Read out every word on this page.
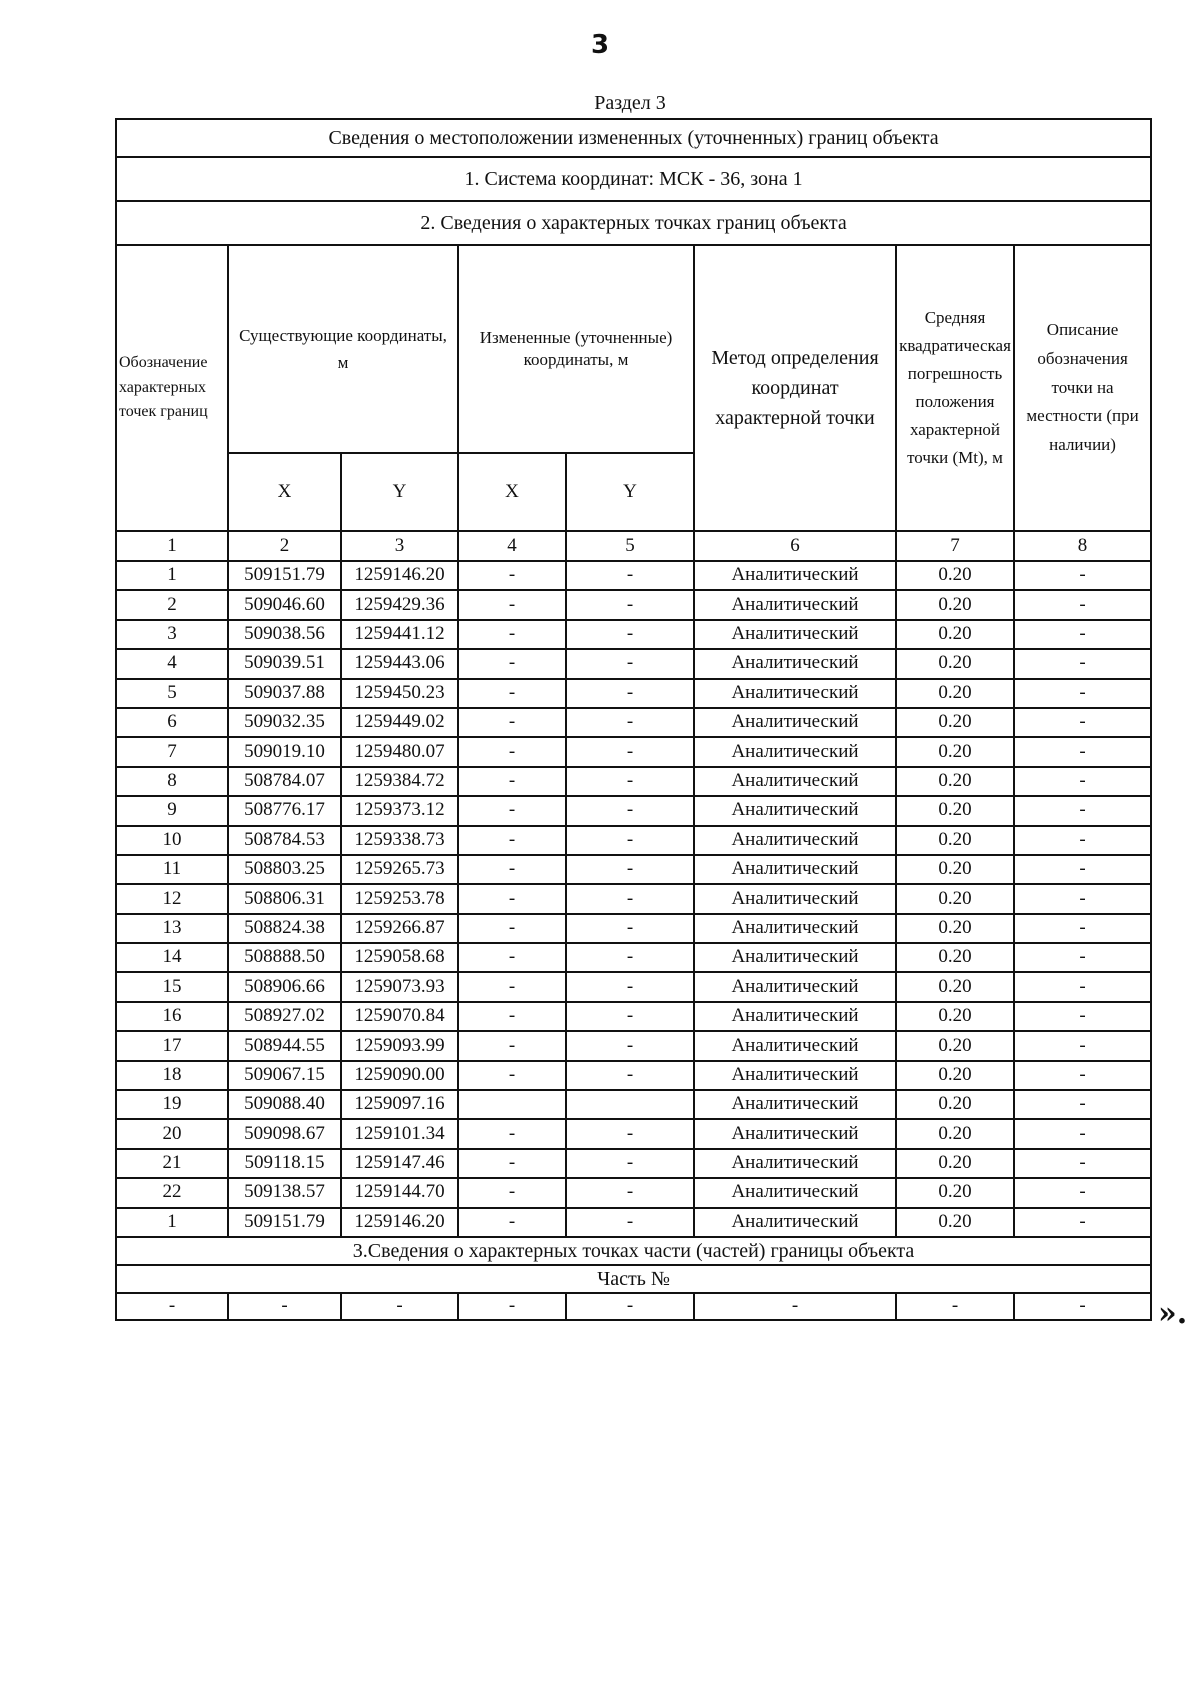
3
Раздел 3
Сведения о местоположении измененных (уточненных) границ объекта							
1. Система координат: МСК - 36, зона 1							
2. Сведения о характерных точках границ объекта							
Обозначение характерных точек границ	Существующие координаты, м		Измененные (уточненные) координаты, м		Метод определения координат характерной точки	Средняя квадратическая погрешность положения характерной точки (Mt), м	Описание обозначения точки на местности (при наличии)
	X	Y	X	Y			
1	2	3	4	5	6	7	8
1	509151.79	1259146.20	-	-	Аналитический	0.20	-
2	509046.60	1259429.36	-	-	Аналитический	0.20	-
3	509038.56	1259441.12	-	-	Аналитический	0.20	-
4	509039.51	1259443.06	-	-	Аналитический	0.20	-
5	509037.88	1259450.23	-	-	Аналитический	0.20	-
6	509032.35	1259449.02	-	-	Аналитический	0.20	-
7	509019.10	1259480.07	-	-	Аналитический	0.20	-
8	508784.07	1259384.72	-	-	Аналитический	0.20	-
9	508776.17	1259373.12	-	-	Аналитический	0.20	-
10	508784.53	1259338.73	-	-	Аналитический	0.20	-
11	508803.25	1259265.73	-	-	Аналитический	0.20	-
12	508806.31	1259253.78	-	-	Аналитический	0.20	-
13	508824.38	1259266.87	-	-	Аналитический	0.20	-
14	508888.50	1259058.68	-	-	Аналитический	0.20	-
15	508906.66	1259073.93	-	-	Аналитический	0.20	-
16	508927.02	1259070.84	-	-	Аналитический	0.20	-
17	508944.55	1259093.99	-	-	Аналитический	0.20	-
18	509067.15	1259090.00	-	-	Аналитический	0.20	-
19	509088.40	1259097.16			Аналитический	0.20	-
20	509098.67	1259101.34	-	-	Аналитический	0.20	-
21	509118.15	1259147.46	-	-	Аналитический	0.20	-
22	509138.57	1259144.70	-	-	Аналитический	0.20	-
1	509151.79	1259146.20	-	-	Аналитический	0.20	-
3.Сведения о характерных точках части (частей) границы объекта							
Часть №							
-	-	-	-	-	-	-	- ».
